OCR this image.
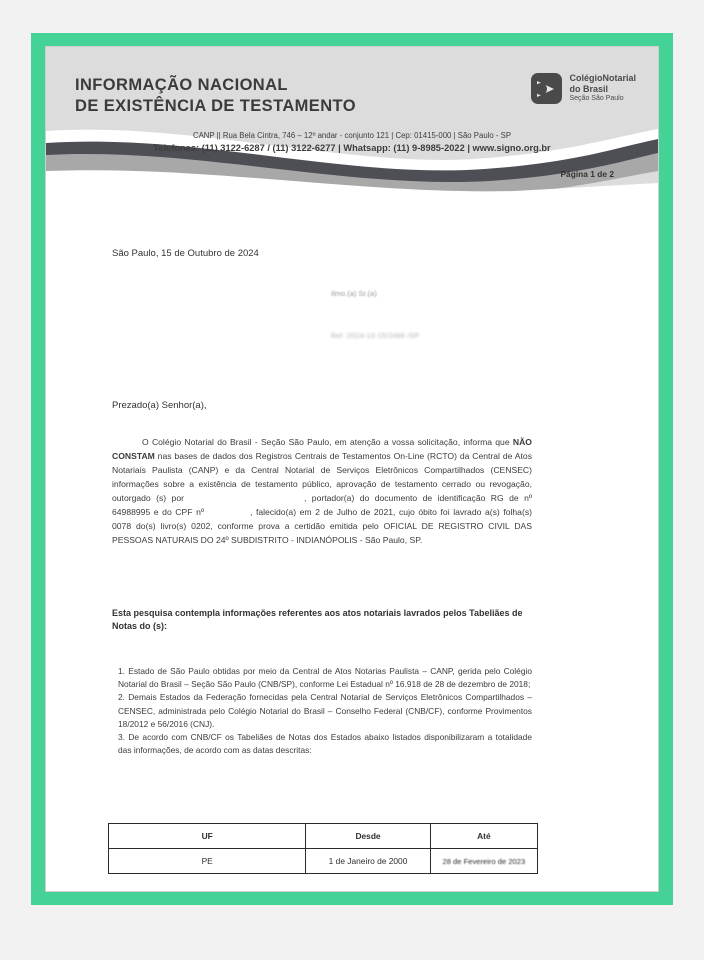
INFORMAÇÃO NACIONAL
DE EXISTÊNCIA DE TESTAMENTO
ColégioNotarial
do Brasil
Seção São Paulo
São Paulo, 15 de Outubro de 2024
Ilmo.(a) Sr.(a)
Ref.:2024-10-15/2466 /SP
Prezado(a) Senhor(a),
O Colégio Notarial do Brasil - Seção São Paulo, em atenção a vossa solicitação, informa que NÃO CONSTAM nas bases de dados dos Registros Centrais de Testamentos On-Line (RCTO) da Central de Atos Notariais Paulista (CANP) e da Central Notarial de Serviços Eletrônicos Compartilhados (CENSEC) informações sobre a existência de testamento público, aprovação de testamento cerrado ou revogação, outorgado (s) por	, portador(a) do documento de identificação RG de nº 64988995 e do CPF nº	, falecido(a) em 2 de Julho de 2021, cujo óbito foi lavrado a(s) folha(s) 0078 do(s) livro(s) 0202, conforme prova a certidão emitida pelo OFICIAL DE REGISTRO CIVIL DAS PESSOAS NATURAIS DO 24º SUBDISTRITO - INDIANÓPOLIS - São Paulo, SP.
Esta pesquisa contempla informações referentes aos atos notariais lavrados pelos Tabeliães de Notas do (s):

1. Estado de São Paulo obtidas por meio da Central de Atos Notarias Paulista – CANP, gerida pelo Colégio Notarial do Brasil – Seção São Paulo (CNB/SP), conforme Lei Estadual nº 16.918 de 28 de dezembro de 2018;

2. Demais Estados da Federação fornecidas pela Central Notarial de Serviços Eletrônicos Compartilhados – CENSEC, administrada pelo Colégio Notarial do Brasil – Conselho Federal (CNB/CF), conforme Provimentos 18/2012 e 56/2016 (CNJ).

3. De acordo com CNB/CF os Tabeliães de Notas dos Estados abaixo listados disponibilizaram a totalidade das informações, de acordo com as datas descritas:

UF	Desde	Até
PE	1 de Janeiro de 2000	28 de Fevereiro de 2023
CANP || Rua Bela Cintra, 746 – 12º andar - conjunto 121 | Cep: 01415-000 | São Paulo - SP
Telefones: (11) 3122-6287 / (11) 3122-6277 | Whatsapp: (11) 9-8985-2022 | www.signo.org.br
Página 1 de 2
